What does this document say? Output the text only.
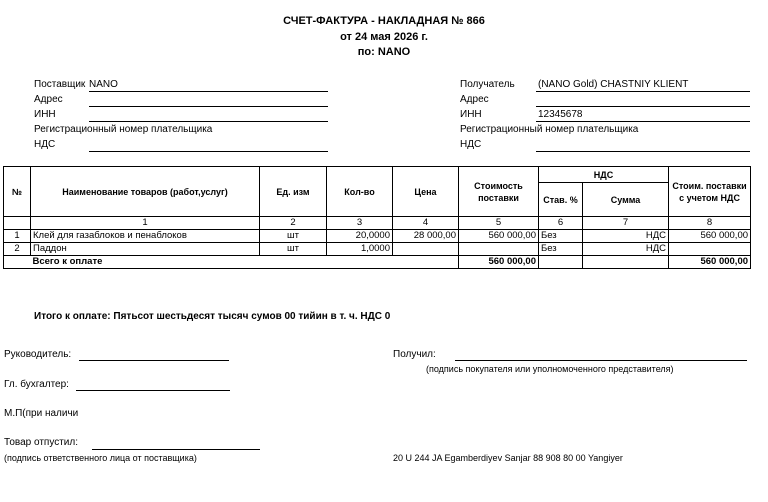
СЧЕТ-ФАКТУРА - НАКЛАДНАЯ № 866
от 24 мая 2026 г.
по: NANO
Поставщик NANO
Адрес
ИНН
Регистрационный номер плательщика
НДС
Получатель (NANO Gold) CHASTNIY KLIENT
Адрес
ИНН	12345678
Регистрационный номер плательщика
НДС
№	Наименование товаров (работ,услуг)	Ед. изм	Кол-во	Цена	Стоимость поставки	НДС		Стоим. поставки с учетом НДС
						Став. %	Сумма	
	1	2	3	4	5	6	7	8
1	Клей для газаблоков и пенаблоков	шт	20,0000	28 000,00	560 000,00	Без	НДС	560 000,00
2	Паддон	шт	1,0000			Без	НДС	
	Всего к оплате				560 000,00			560 000,00
Итого к оплате: Пятьсот шестьдесят тысяч сумов 00 тийин в т. ч. НДС 0
Руководитель:
Гл. бухгалтер:
М.П(при наличи
Товар отпустил:
(подпись ответственного лица от поставщика)
Получил:
(подпись покупателя или уполномоченного представителя)
20 U 244 JA Egamberdiyev Sanjar 88 908 80 00 Yangiyer
